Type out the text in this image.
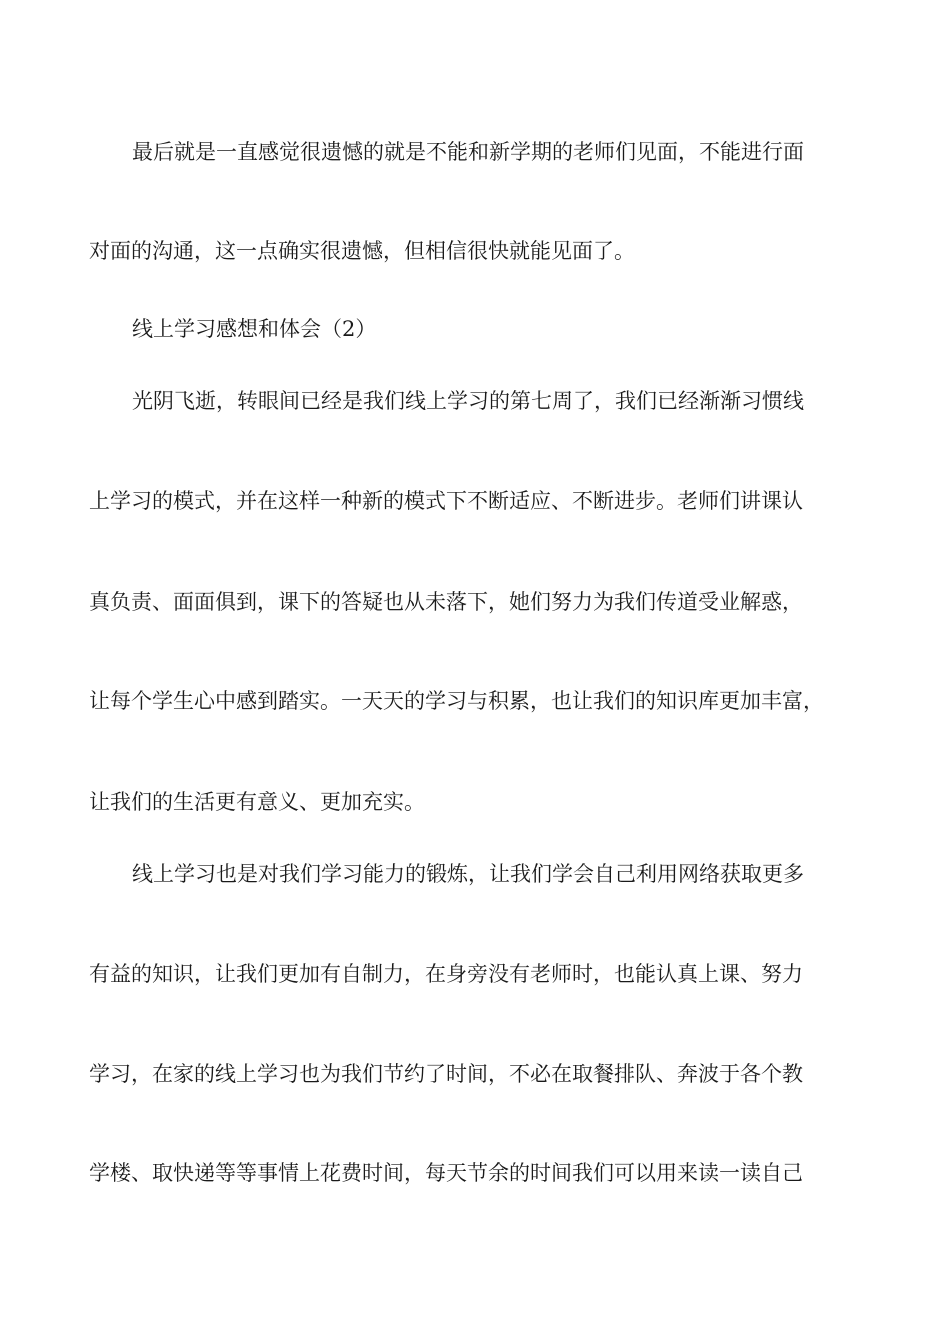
最后就是一直感觉很遗憾的就是不能和新学期的老师们见面，不能进行面
对面的沟通，这一点确实很遗憾，但相信很快就能见面了。
线上学习感想和体会（2）
光阴飞逝，转眼间已经是我们线上学习的第七周了，我们已经渐渐习惯线
上学习的模式，并在这样一种新的模式下不断适应、不断进步。老师们讲课认
真负责、面面俱到，课下的答疑也从未落下，她们努力为我们传道受业解惑，
让每个学生心中感到踏实。一天天的学习与积累，也让我们的知识库更加丰富，
让我们的生活更有意义、更加充实。
线上学习也是对我们学习能力的锻炼，让我们学会自己利用网络获取更多
有益的知识，让我们更加有自制力，在身旁没有老师时，也能认真上课、努力
学习，在家的线上学习也为我们节约了时间，不必在取餐排队、奔波于各个教
学楼、取快递等等事情上花费时间，每天节余的时间我们可以用来读一读自己
